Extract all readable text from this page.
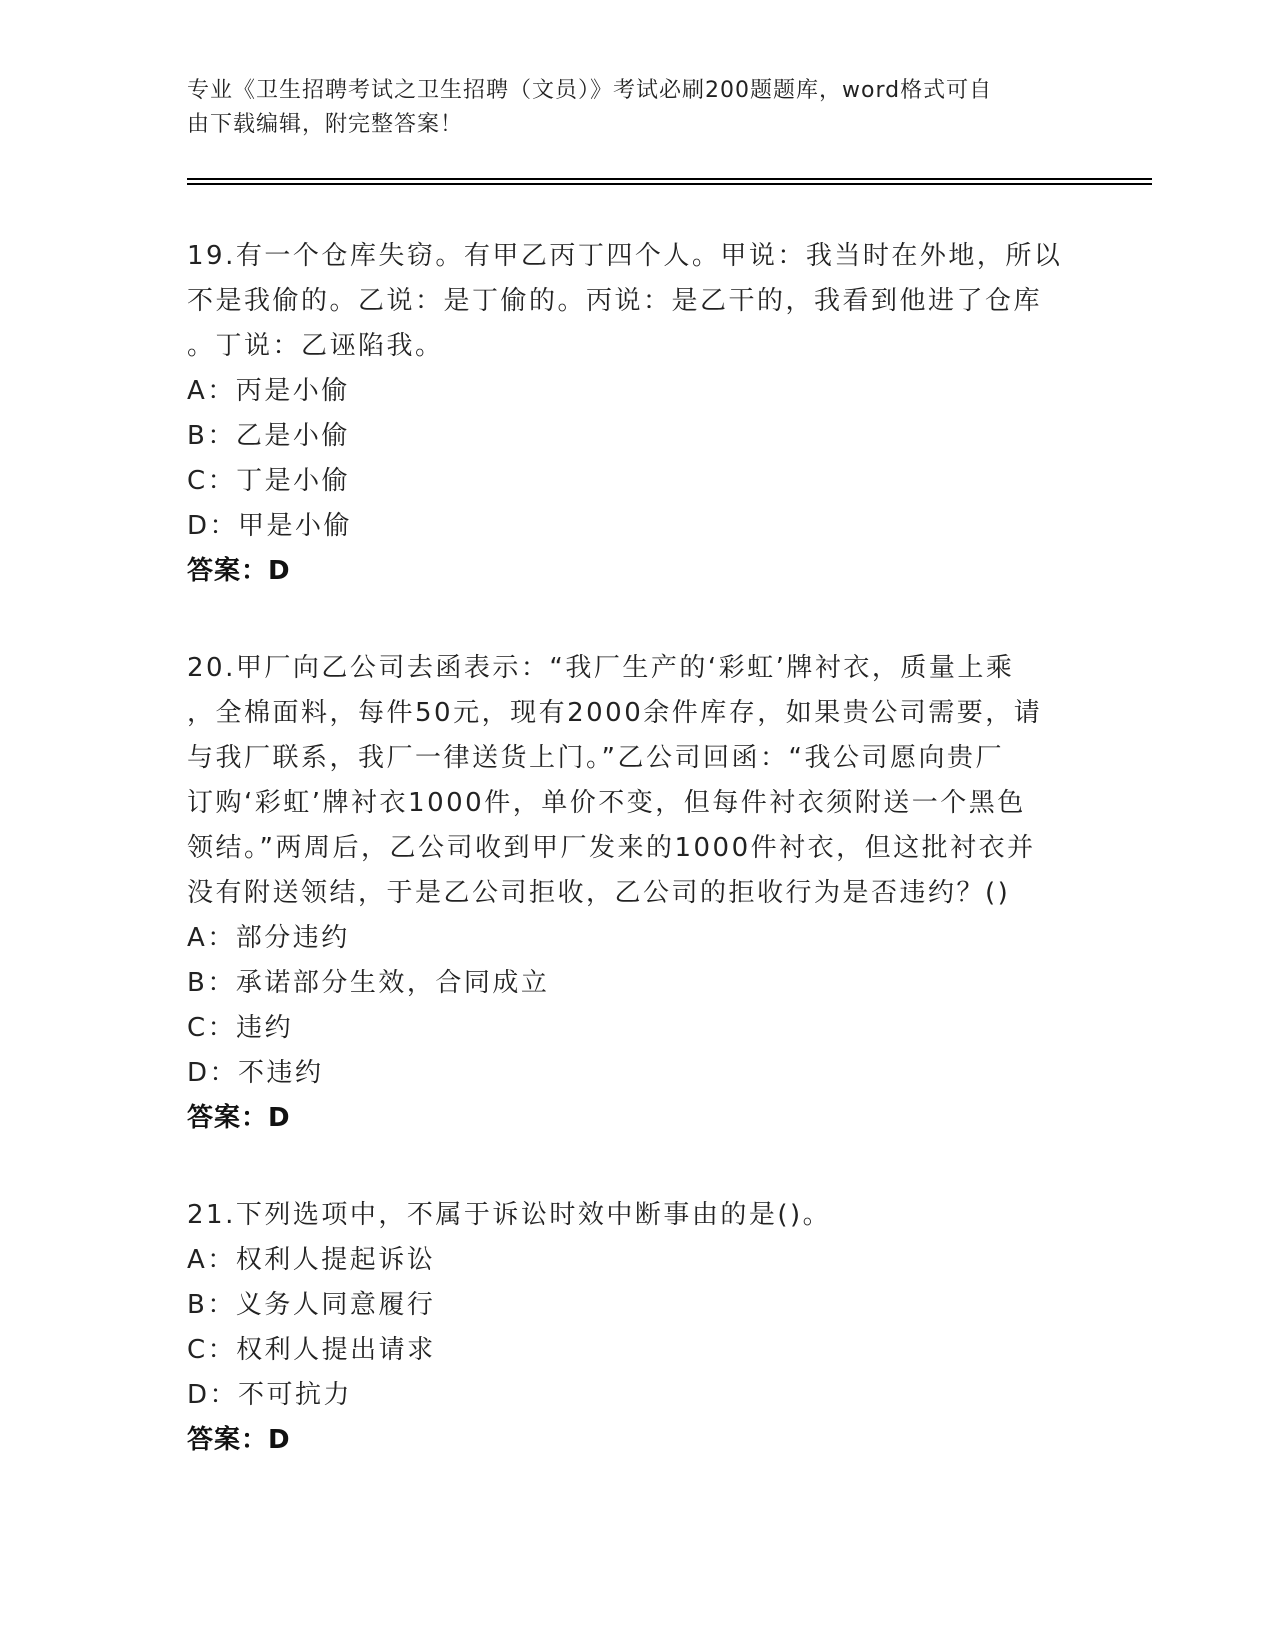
专业《卫生招聘考试之卫生招聘（文员）》考试必刷200题题库，word格式可自
由下载编辑，附完整答案！

19.有一个仓库失窃。有甲乙丙丁四个人。甲说：我当时在外地，所以

不是我偷的。乙说：是丁偷的。丙说：是乙干的，我看到他进了仓库

。丁说：乙诬陷我。

A：丙是小偷

B：乙是小偷

C：丁是小偷

D：甲是小偷

答案：D

20.甲厂向乙公司去函表示：“我厂生产的‘彩虹’牌衬衣，质量上乘

，全棉面料，每件50元，现有2000余件库存，如果贵公司需要，请

与我厂联系，我厂一律送货上门。”乙公司回函：“我公司愿向贵厂

订购‘彩虹’牌衬衣1000件，单价不变，但每件衬衣须附送一个黑色

领结。”两周后，乙公司收到甲厂发来的1000件衬衣，但这批衬衣并

没有附送领结，于是乙公司拒收，乙公司的拒收行为是否违约？()

A：部分违约

B：承诺部分生效，合同成立

C：违约

D：不违约

答案：D

21.下列选项中，不属于诉讼时效中断事由的是()。

A：权利人提起诉讼

B：义务人同意履行

C：权利人提出请求

D：不可抗力

答案：D
